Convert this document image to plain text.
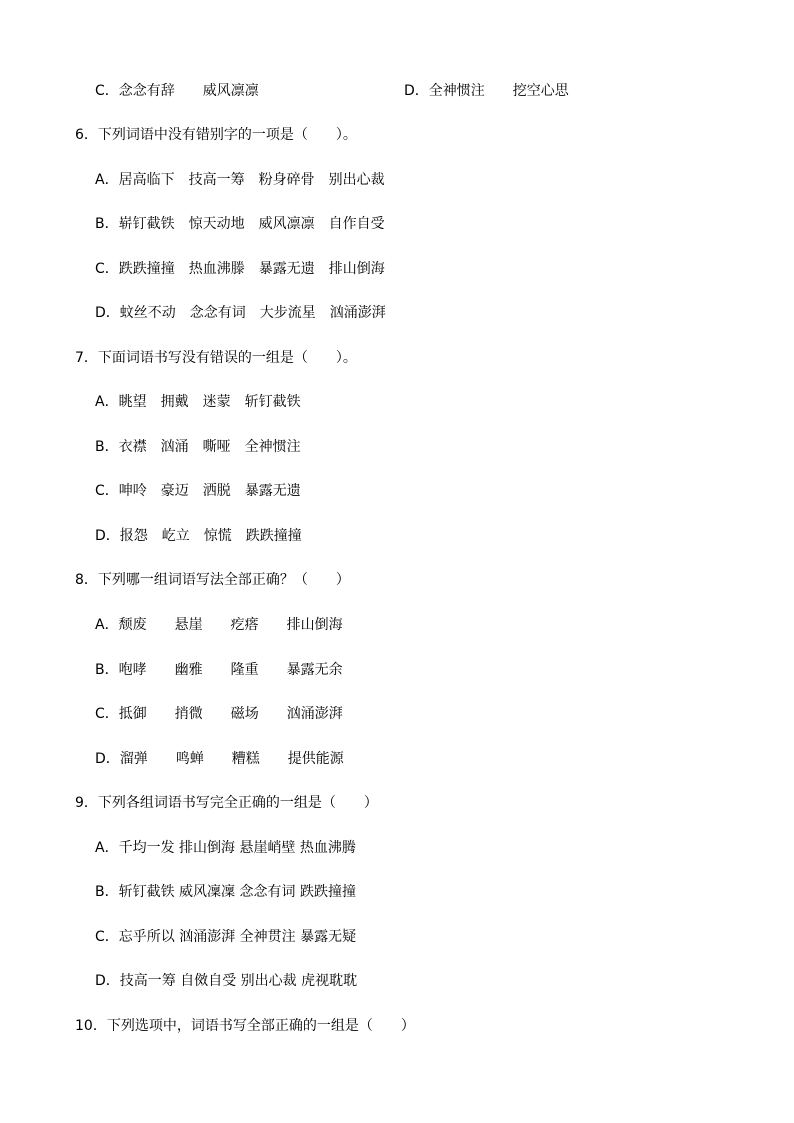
C．念念有辞　　威风凛凛	D．全神惯注　　挖空心思
6．下列词语中没有错别字的一项是（　　）。
A．居高临下　技高一筹　粉身碎骨　别出心裁
B．崭钉截铁　惊天动地　威风凛凛　自作自受
C．跌跌撞撞　热血沸滕　暴露无遗　排山倒海
D．蚊丝不动　念念有词　大步流星　汹涌澎湃
7．下面词语书写没有错误的一组是（　　）。
A．眺望　拥戴　迷蒙　斩钉截铁
B．衣襟　汹涌　嘶哑　全神惯注
C．呻呤　豪迈　洒脱　暴露无遗
D．报怨　屹立　惊慌　跌跌撞撞
8．下列哪一组词语写法全部正确？（　　）
A．颓废　　悬崖　　疙瘩　　排山倒海
B．咆哮　　幽雅　　隆重　　暴露无余
C．抵御　　捎微　　磁场　　汹涌澎湃
D．溜弹　　鸣蝉　　糟糕　　提供能源
9．下列各组词语书写完全正确的一组是（　　）
A．千均一发 排山倒海 悬崖峭壁 热血沸腾
B．斩钉截铁 威风凜凜 念念有词 跌跌撞撞
C．忘乎所以 汹涌澎湃 全神贯注 暴露无疑
D．技高一筹 自傚自受 别出心裁 虎视耽耽
10．下列选项中，词语书写全部正确的一组是（　　）
